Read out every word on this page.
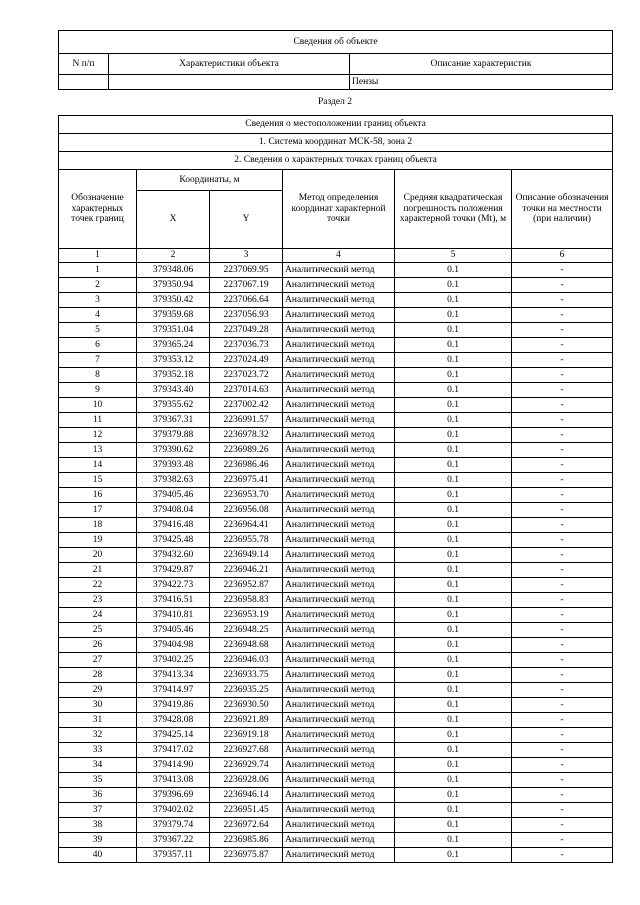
Сведения об объекте		
N п/п	Характеристики объекта	Описание характеристик
		Пензы
Раздел 2
Сведения о местоположении границ объекта					
1. Система координат МСК-58, зона 2					
2. Сведения о характерных точках границ объекта					
Обозначение характерных точек границ	Координаты, м		Метод определения координат характерной точки	Средняя квадратическая погрешность положения характерной точки (Mt), м	Описание обозначения точки на местности (при наличии)
	X	Y			
1	2	3	4	5	6
1	379348.06	2237069.95	Аналитический метод	0.1	-
2	379350.94	2237067.19	Аналитический метод	0.1	-
3	379350.42	2237066.64	Аналитический метод	0.1	-
4	379359.68	2237056.93	Аналитический метод	0.1	-
5	379351.04	2237049.28	Аналитический метод	0.1	-
6	379365.24	2237036.73	Аналитический метод	0.1	-
7	379353.12	2237024.49	Аналитический метод	0.1	-
8	379352.18	2237023.72	Аналитический метод	0.1	-
9	379343.40	2237014.63	Аналитический метод	0.1	-
10	379355.62	2237002.42	Аналитический метод	0.1	-
11	379367.31	2236991.57	Аналитический метод	0.1	-
12	379379.88	2236978.32	Аналитический метод	0.1	-
13	379390.62	2236989.26	Аналитический метод	0.1	-
14	379393.48	2236986.46	Аналитический метод	0.1	-
15	379382.63	2236975.41	Аналитический метод	0.1	-
16	379405.46	2236953.70	Аналитический метод	0.1	-
17	379408.04	2236956.08	Аналитический метод	0.1	-
18	379416.48	2236964.41	Аналитический метод	0.1	-
19	379425.48	2236955.78	Аналитический метод	0.1	-
20	379432.60	2236949.14	Аналитический метод	0.1	-
21	379429.87	2236946.21	Аналитический метод	0.1	-
22	379422.73	2236952.87	Аналитический метод	0.1	-
23	379416.51	2236958.83	Аналитический метод	0.1	-
24	379410.81	2236953.19	Аналитический метод	0.1	-
25	379405.46	2236948.25	Аналитический метод	0.1	-
26	379404.98	2236948.68	Аналитический метод	0.1	-
27	379402.25	2236946.03	Аналитический метод	0.1	-
28	379413.34	2236933.75	Аналитический метод	0.1	-
29	379414.97	2236935.25	Аналитический метод	0.1	-
30	379419.86	2236930.50	Аналитический метод	0.1	-
31	379428.08	2236921.89	Аналитический метод	0.1	-
32	379425.14	2236919.18	Аналитический метод	0.1	-
33	379417.02	2236927.68	Аналитический метод	0.1	-
34	379414.90	2236929.74	Аналитический метод	0.1	-
35	379413.08	2236928.06	Аналитический метод	0.1	-
36	379396.69	2236946.14	Аналитический метод	0.1	-
37	379402.02	2236951.45	Аналитический метод	0.1	-
38	379379.74	2236972.64	Аналитический метод	0.1	-
39	379367.22	2236985.86	Аналитический метод	0.1	-
40	379357.11	2236975.87	Аналитический метод	0.1	-
